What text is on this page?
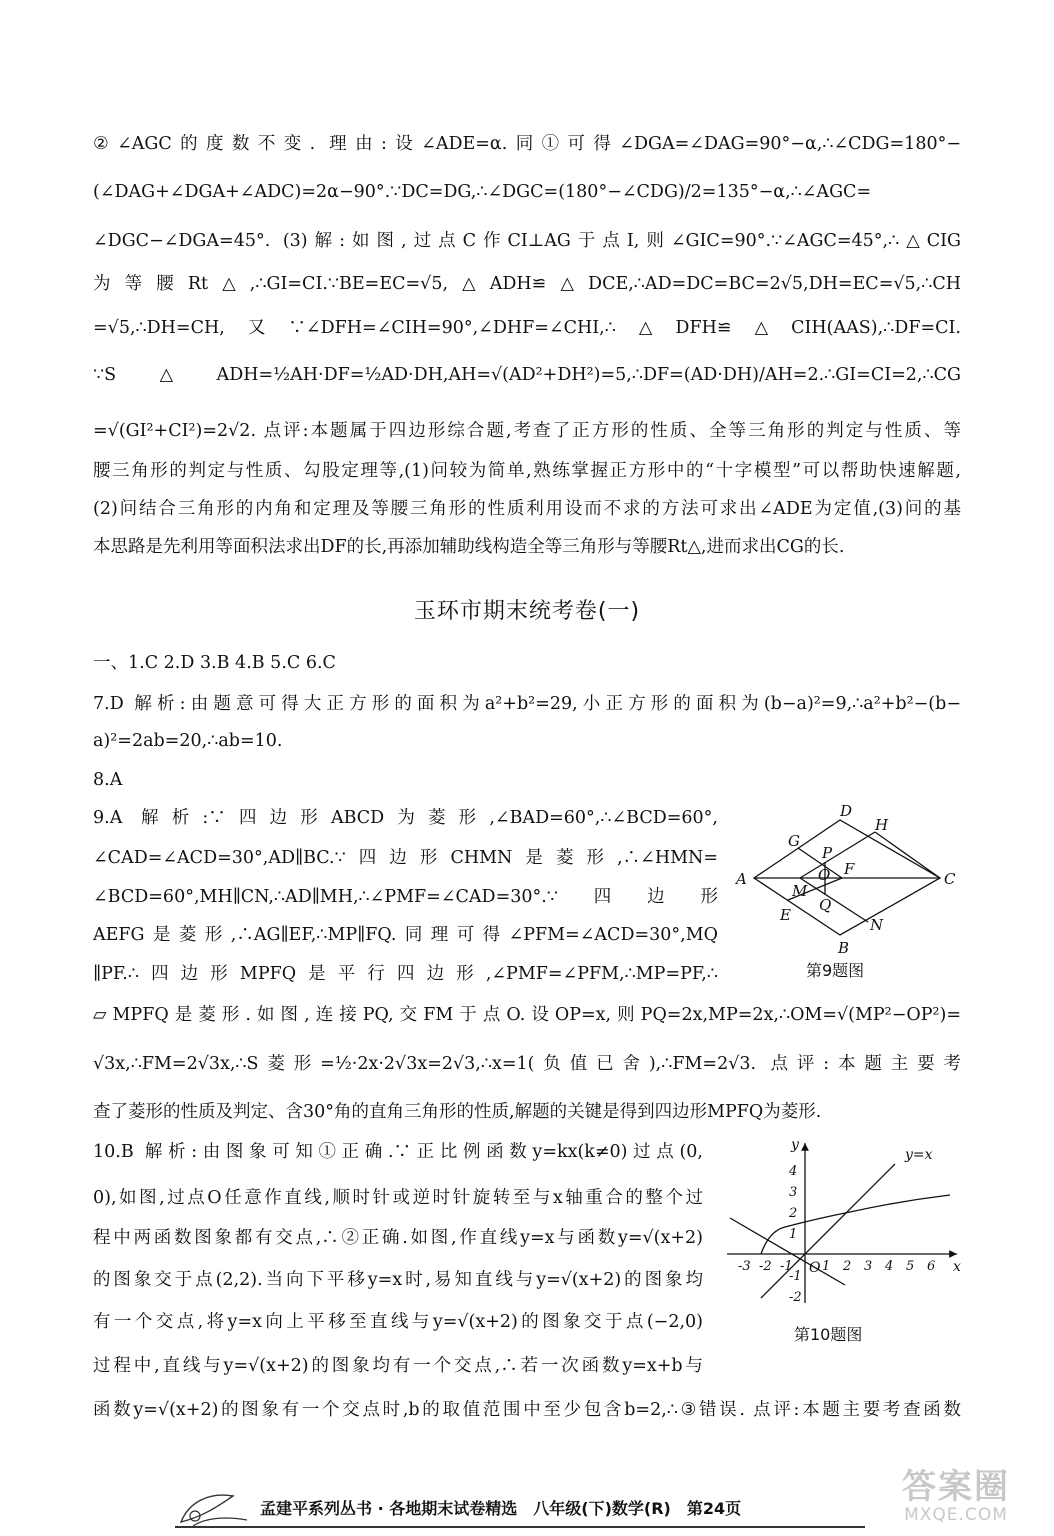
②∠AGC的度数不变. 理由:设∠ADE=α.同①可得∠DGA=∠DAG=90°−α,∴∠CDG=180°−
(∠DAG+∠DGA+∠ADC)=2α−90°.∵DC=DG,∴∠DGC=(180°−∠CDG)/2=135°−α,∴∠AGC=
∠DGC−∠DGA=45°. (3)解:如图,过点C作CI⊥AG于点I,则∠GIC=90°.∵∠AGC=45°,∴△CIG
为等腰Rt△,∴GI=CI.∵BE=EC=√5,△ADH≌△DCE,∴AD=DC=BC=2√5,DH=EC=√5,∴CH
=√5,∴DH=CH,又∵∠DFH=∠CIH=90°,∠DHF=∠CHI,∴△DFH≌△CIH(AAS),∴DF=CI.
∵S△ADH=½AH·DF=½AD·DH,AH=√(AD²+DH²)=5,∴DF=(AD·DH)/AH=2.∴GI=CI=2,∴CG
=√(GI²+CI²)=2√2. 点评:本题属于四边形综合题,考查了正方形的性质、全等三角形的判定与性质、等
腰三角形的判定与性质、勾股定理等,(1)问较为简单,熟练掌握正方形中的“十字模型”可以帮助快速解题,
(2)问结合三角形的内角和定理及等腰三角形的性质利用设而不求的方法可求出∠ADE为定值,(3)问的基
本思路是先利用等面积法求出DF的长,再添加辅助线构造全等三角形与等腰Rt△,进而求出CG的长.
玉环市期末统考卷(一)
一、1.C 2.D 3.B 4.B 5.C 6.C
7.D 解析:由题意可得大正方形的面积为a²+b²=29,小正方形的面积为(b−a)²=9,∴a²+b²−(b−
a)²=2ab=20,∴ab=10.
8.A
9.A 解析:∵四边形ABCD为菱形,∠BAD=60°,∴∠BCD=60°,
∠CAD=∠ACD=30°,AD∥BC.∵四边形CHMN是菱形,∴∠HMN=
∠BCD=60°,MH∥CN,∴AD∥MH,∴∠PMF=∠CAD=30°.∵四边形
AEFG是菱形,∴AG∥EF,∴MP∥FQ.同理可得∠PFM=∠ACD=30°,MQ
∥PF.∴四边形MPFQ是平行四边形,∠PMF=∠PFM,∴MP=PF,∴
▱MPFQ是菱形.如图,连接PQ,交FM于点O.设OP=x,则PQ=2x,MP=2x,∴OM=√(MP²−OP²)=
√3x,∴FM=2√3x,∴S菱形=½·2x·2√3x=2√3,∴x=1(负值已舍),∴FM=2√3. 点评:本题主要考
查了菱形的性质及判定、含30°角的直角三角形的性质,解题的关键是得到四边形MPFQ为菱形.
A
B
C
D
E
F
G
H
M
N
O
P
Q
第9题图
10.B 解析:由图象可知①正确.∵正比例函数y=kx(k≠0)过点(0,
0),如图,过点O任意作直线,顺时针或逆时针旋转至与x轴重合的整个过
程中两函数图象都有交点,∴②正确.如图,作直线y=x与函数y=√(x+2)
的图象交于点(2,2).当向下平移y=x时,易知直线与y=√(x+2)的图象均
有一个交点,将y=x向上平移至直线与y=√(x+2)的图象交于点(−2,0)
过程中,直线与y=√(x+2)的图象均有一个交点,∴若一次函数y=x+b与
函数y=√(x+2)的图象有一个交点时,b的取值范围中至少包含b=2,∴③错误. 点评:本题主要考查函数
y=x
x
y
O
-3 -2 -1 1 2 3 4 5 6
4
3
2
1
-1
-2
第10题图
孟建平系列丛书 · 各地期末试卷精选 八年级(下)数学(R) 第24页
答案圈
MXQE.COM
